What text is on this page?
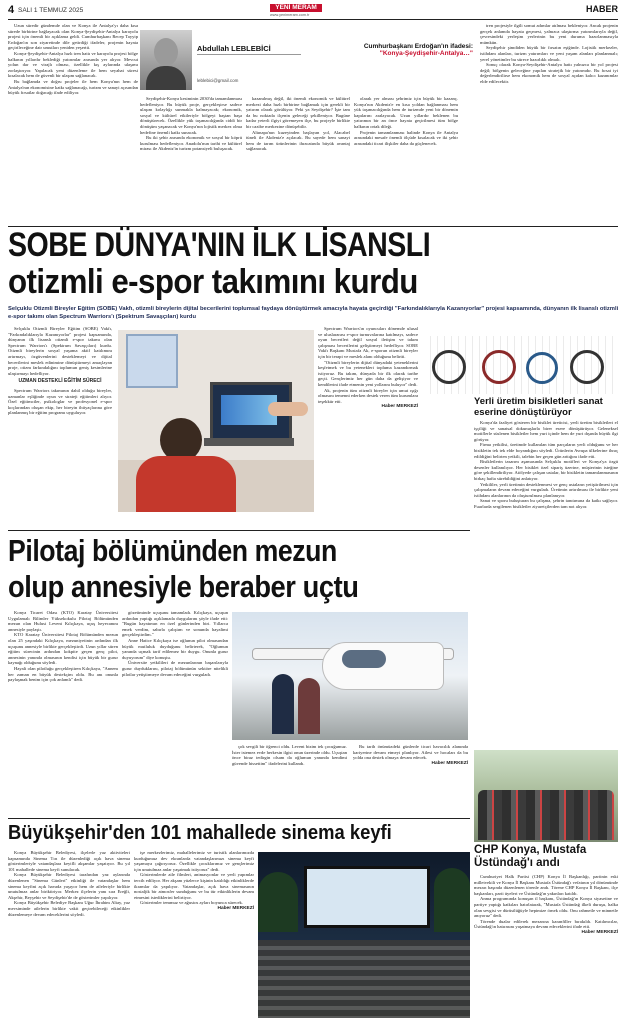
4 SALI 1 TEMMUZ 2025	YENİ MERAM
www.yenimeram.com.tr
HABER

Uzun süredir gündemde olan ve Konya ile Antalya'yı daha kısa sürede birbirine bağlayacak olan Konya-Şeydişehir-Antalya karayolu projesi için önemli bir açıklama geldi. Cumhurbaşkanı Recep Tayyip Erdoğan'ın son ziyaretinde dile getirdiği ifadeler, projenin hayata geçirileceğine dair umutları yeniden yeşertti.

Konya-Şeydişehir-Antalya hızlı tren hattı ve karayolu projesi bölge halkının yıllardır beklediği yatırımlar arasında yer alıyor. Mevcut yolun dar ve virajlı olması, özellikle kış aylarında ulaşımı zorlaştırıyor. Yapılacak yeni düzenleme ile hem seyahat süresi kısalacak hem de güvenli bir ulaşım sağlanacak.

Bu bağlamda ve doğru projeler ile hem Konya'nın hem de Antalya'nın ekonomisine katkı sağlanacağı, turizm ve sanayi açısından büyük fırsatlar doğacağı ifade ediliyor.

Abdullah LEBLEBİCİ
leblebici@gmail.com
Cumhurbaşkanı Erdoğan'ın ifadesi:
"Konya-Şeydişehir-Antalya…"

Seydişehir-Konya kesiminin 2030'da tamamlanması hedefleniyor. Bu büyük proje, gerçekleşirse sadece ulaşım kolaylığı sunmakla kalmayacak; ekonomik, sosyal ve kültürel etkileriyle bölgeyi baştan başa dönüştürecek. Özellikle yük taşımacılığında ciddi bir dönüşüm yaşanacak ve Konya'nın lojistik merkez olma hedefine önemli katkı sunacak.

Bu iki şehir arasında ekonomik ve sosyal bir köprü kurulması hedefleniyor. Anadolu'nun tarihi ve kültürel mirası ile Akdeniz'in turizm potansiyeli buluşacak.

kazanılmış değil, iki önemli ekonomik ve kültürel merkezi daha hızlı birbirine bağlamak için gerekli bir yatırım olarak görülüyor. Peki ya Seydişehir? İşte tam da bu noktada ilçenin geleceği şekilleniyor. Bugüne kadar yeterli ilgiyi göremeyen ilçe, bu projeyle birlikte bir cazibe merkezine dönüşebilir.

Altınapa'nın kuzeyinden başlayan yol, Alacabel tüneli ile Akdeniz'e açılacak. Bu sayede hem sanayi hem de tarım ürünlerinin ihracatında büyük avantaj sağlanacak.

olarak yer alması şehrimiz için büyük bir kazanç. Konya'nın Akdeniz'e en kısa yoldan bağlanması hem yük taşımacılığında hem de turizmde yeni bir dönemin kapılarını aralayacak. Uzun yıllardır beklenen bu yatırımın bir an önce hayata geçirilmesi tüm bölge halkının ortak dileği.

Projenin tamamlanması halinde Konya ile Antalya arasındaki mesafe önemli ölçüde kısalacak ve iki şehir arasındaki ticari ilişkiler daha da güçlenecek.

tren projesiyle ilgili somut adımlar atılması bekleniyor. Ancak projenin gerçek anlamda hayata geçmesi, yalnızca ulaştırma yatırımlarıyla değil, çevresindeki yerleşim yerlerinin bu yeni duruma hazırlanmasıyla mümkün.

Seydişehir şimdiden büyük bir fırsatın eşiğinde. Lojistik merkezler, istihdam alanları, turizm yatırımları ve yeni yaşam alanları planlanmalı; yerel yönetimler bu sürece hazırlıklı olmalı.

Sonuç olarak Konya-Seydişehir-Antalya hattı yalnızca bir yol projesi değil; bölgenin geleceğine yapılan stratejik bir yatırımdır. Bu fırsat iyi değerlendirilirse hem ekonomik hem de sosyal açıdan kalıcı kazanımlar elde edilecektir.

SOBE DÜNYA'NIN İLK LİSANSLI
otizmli e-spor takımını kurdu
Selçuklu Otizmli Bireyler Eğitim (SOBE) Vakfı, otizmli bireylerin dijital becerilerini toplumsal faydaya dönüştürmek amacıyla hayata geçirdiği "Farkındalıklarıyla Kazanıyorlar" projesi kapsamında, dünyanın ilk lisanslı otizmli e-spor takımı olan Spectrum Warriors'ı (Spektrum Savaşçıları) kurdu

Selçuklu Otizmli Bireyler Eğitim (SOBE) Vakfı, "Farkındalıklarıyla Kazanıyorlar" projesi kapsamında, dünyanın ilk lisanslı otizmli e-spor takımı olan Spectrum Warriors'ı (Spektrum Savaşçıları) kurdu. Otizmli bireylerin sosyal yaşama aktif katılımını artırmayı, özgüvenlerini desteklemeyi ve dijital becerilerini meslek edinimine dönüştürmeyi amaçlayan proje, otizm farkındalığını toplumun geniş kesimlerine ulaştırmayı hedefliyor.

UZMAN DESTEKLİ EĞİTİM SÜRECİ

Spectrum Warriors takımının dahil olduğu bireyler, uzmanlar eşliğinde oyun ve strateji eğitimleri alıyor. Özel eğitimciler, psikologlar ve profesyonel e-spor koçlarından oluşan ekip, her bireyin ihtiyaçlarına göre planlanmış bir eğitim programı uyguluyor.

Spectrum Warriors'ın oyuncuları dönemde ulusal ve uluslararası e-spor turnuvalarına katılmayı, sadece oyun becerileri değil sosyal iletişim ve takım çalışması becerilerini geliştirmeyi hedefliyor. SOBE Vakfı Başkanı Mustafa Ak, e-sporun otizmli bireyler için bir terapi ve meslek alanı olduğunu belirtti.

"Otizmli bireylerin dijital dünyadaki yeteneklerini keşfetmek ve bu yetenekleri topluma kazandırmak istiyoruz. Bu takım, dünyada bir ilk olarak tarihe geçti. Gençlerimiz her gün daha da gelişiyor ve kendilerini ifade etmenin yeni yollarını buluyor" dedi.

Ak, projenin tüm otizmli bireyler için umut ışığı olmasını temenni ederken destek veren tüm kurumlara teşekkür etti.

Haber MERKEZİ	Yerli üretim bisikletleri sanat eserine dönüştürüyor

Konya'da faaliyet gösteren bir bisiklet üreticisi, yerli üretim bisikletleri el işçiliği ve sanatsal dokunuşlarla birer esere dönüştürüyor. Geleneksel motiflerle süslenen bisikletler hem yurt içinde hem de yurt dışında büyük ilgi görüyor.

Firma yetkilisi, üretimde kullanılan tüm parçaların yerli olduğunu ve her bisikletin tek tek elde boyandığını söyledi. Ürünlerin Avrupa ülkelerine ihraç edildiğini belirten yetkili, talebin her geçen gün arttığını ifade etti.

Bisikletlerin tasarım aşamasında Selçuklu motifleri ve Konya'ya özgü desenler kullanılıyor. Her bisiklet özel sipariş üzerine, müşterinin isteğine göre şekillendiriliyor. Atölyede çalışan ustalar, bir bisikletin tamamlanmasının birkaç hafta sürebildiğini anlatıyor.

Yetkililer, yerli üretimin desteklenmesi ve genç ustaların yetiştirilmesi için çalışmaların devam edeceğini vurguladı. Üretimin artırılması ile birlikte yeni istihdam alanlarının da oluşturulması planlanıyor.

Sanat ve sporu buluşturan bu çalışma, şehrin tanıtımına da katkı sağlıyor. Fuarlarda sergilenen bisikletler ziyaretçilerden tam not alıyor.

Pilotaj bölümünden mezun
olup annesiyle beraber uçtu

Konya Ticaret Odası (KTO) Karatay Üniversitesi Uygulamalı Bilimler Yüksekokulu Pilotaj Bölümünden mezun olan Hulusi Levent Kılıçkaya, uçuş heyecanını annesiyle paylaştı.

KTO Karatay Üniversitesi Pilotaj Bölümünden mezun olan 25 yaşındaki Kılıçkaya, mezuniyetinin ardından ilk uçuşunu annesiyle birlikte gerçekleştirdi. Uzun yıllar süren eğitim sürecinin ardından kokpite geçen genç pilot, annesinin yanında olmasının kendisi için büyük bir gurur kaynağı olduğunu söyledi.

Hayali olan pilotluğu gerçekleştiren Kılıçkaya, "Annem her zaman en büyük destekçim oldu. Bu anı onunla paylaşmak benim için çok anlamlı" dedi.

gözetiminde uçuşunu tamamladı. Kılıçkaya, uçuşun ardından yaptığı açıklamada duygularını şöyle ifade etti: "Bugün hayatımın en özel günlerinden biri. Yıllarca emek verdim, sabırla çalıştım ve sonunda hayalimi gerçekleştirdim."

Anne Hatice Kılıçkaya ise oğlunun pilot olmasından büyük mutluluk duyduğunu belirterek, "Oğlumun yanında uçmak tarif edilemez bir duygu. Onunla gurur duyuyorum" diye konuştu.

Üniversite yetkilileri de mezunlarının başarılarıyla gurur duyduklarını, pilotaj bölümünün sektöre nitelikli pilotlar yetiştirmeye devam edeceğini vurguladı.

çok sevgili bir öğrenci oldu. Levent bizim tek çocuğumuz. İster istemez evde herkesin ilgisi onun üzerinde oldu. Uçuştan önce biraz tedirgin olsam da oğlumun yanında kendimi güvende hissettim" ifadelerini kullandı.

Bu tarih önümüzdeki günlerde ticari havacılık alanında kariyerine devam etmeyi planlıyor. Ailesi ve hocaları da bu yolda ona destek olmaya devam edecek.

Haber MERKEZİ
CHP Konya, Mustafa Üstündağ'ı andı

Cumhuriyet Halk Partisi (CHP) Konya İl Başkanlığı, partinin eski milletvekili ve Konya İl Başkanı Mustafa Üstündağ'ı vefatının yıl dönümünde mezarı başında düzenlenen törenle andı. Törene CHP Konya İl Başkanı, ilçe başkanları, parti üyeleri ve Üstündağ'ın yakınları katıldı.

Anma programında konuşan il başkanı, Üstündağ'ın Konya siyasetine ve partiye yaptığı katkıları hatırlatarak, "Mustafa Üstündağ ilkeli duruşu, halka olan sevgisi ve dürüstlüğüyle hepimize örnek oldu. Onu rahmetle ve minnetle anıyoruz" dedi.

Törende dualar edilerek mezarına karanfiller bırakıldı. Katılımcılar, Üstündağ'ın hatırasını yaşatmaya devam edeceklerini ifade etti.

Haber MERKEZİ
Büyükşehir'den 101 mahallede sinema keyfi

Konya Büyükşehir Belediyesi, ilçelerle yaz aktiviteleri kapsamında Sinema Tırı ile düzenlediği açık hava sinema gösterimleriyle vatandaşlara keyifli akşamlar yaşatıyor. Bu yıl 101 mahallede sinema keyfi sunulacak.

Konya Büyükşehir Belediyesi tarafından yaz aylarında düzenlenen "Sinema Günleri" etkinliği ile vatandaşlar hem sinema keyfini açık havada yaşıyor hem de aileleriyle birlikte unutulmaz anlar biriktiriyor. Merkez ilçelerin yanı sıra Ereğli, Akşehir, Beyşehir ve Seydişehir'de de gösterimler yapılıyor.

Konya Büyükşehir Belediye Başkanı Uğur İbrahim Altay, yaz mevsiminde ailelerin birlikte vakit geçirebileceği etkinlikler düzenlemeye devam edeceklerini söyledi.

işe merkezlerimiz, mahallelerimiz ve turistik alanlarımızda kurduğumuz dev ekranlarda vatandaşlarımızı sinema keyfi yaşamaya çağırıyoruz. Özellikle çocuklarımız ve gençlerimiz için unutulmaz anlar yaşatmak istiyoruz" dedi.

Gösterimlerde aile filmleri, animasyonlar ve yerli yapımlar tercih ediliyor. Her akşam yüzlerce kişinin katıldığı etkinliklerde ikramlar da yapılıyor. Vatandaşlar, açık hava sinemasının nostaljik bir atmosfer sunduğunu ve bu tür etkinliklerin devam etmesini istediklerini belirtiyor.

Gösterimler temmuz ve ağustos ayları boyunca sürecek.

Haber MERKEZİ
